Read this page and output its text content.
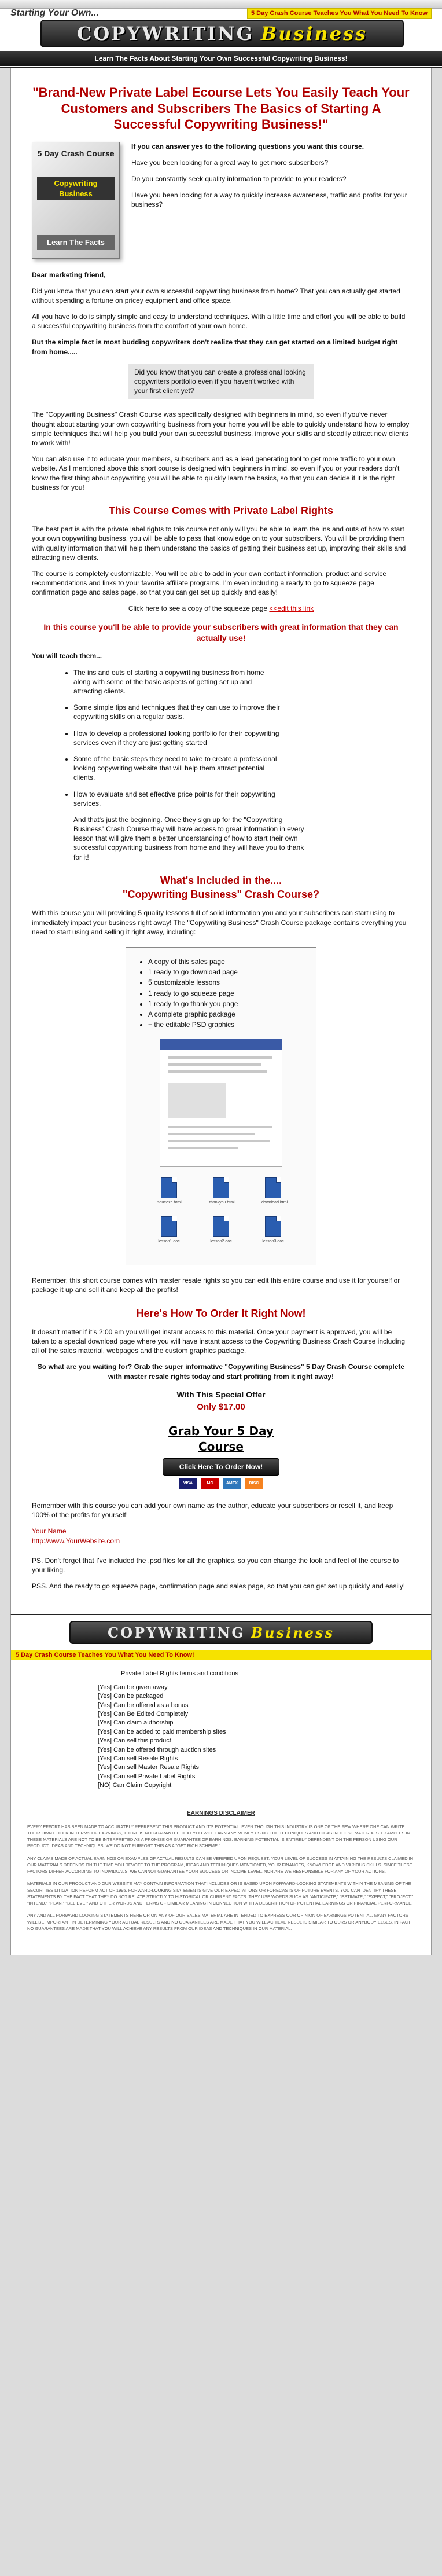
Starting Your Own...	5 Day Crash Course Teaches You What You Need To Know
COPYWRITING Business
Learn The Facts About Starting Your Own Successful Copywriting Business!
"Brand-New Private Label Ecourse Lets You Easily Teach Your Customers and Subscribers The Basics of Starting A Successful Copywriting Business!"
5 Day Crash Course
Copywriting Business
Learn The Facts

If you can answer yes to the following questions you want this course.

Have you been looking for a great way to get more subscribers?

Do you constantly seek quality information to provide to your readers?

Have you been looking for a way to quickly increase awareness, traffic and profits for your business?

Dear marketing friend,

Did you know that you can start your own successful copywriting business from home? That you can actually get started without spending a fortune on pricey equipment and office space.

All you have to do is simply simple and easy to understand techniques. With a little time and effort you will be able to build a successful copywriting business from the comfort of your own home.

But the simple fact is most budding copywriters don't realize that they can get started on a limited budget right from home.....

Did you know that you can create a professional looking copywriters portfolio even if you haven't worked with your first client yet?

The "Copywriting Business" Crash Course was specifically designed with beginners in mind, so even if you've never thought about starting your own copywriting business from your home you will be able to quickly understand how to employ simple techniques that will help you build your own successful business, improve your skills and steadily attract new clients to work with!

You can also use it to educate your members, subscribers and as a lead generating tool to get more traffic to your own website. As I mentioned above this short course is designed with beginners in mind, so even if you or your readers don't know the first thing about copywriting you will be able to quickly learn the basics, so that you can decide if it is the right business for you!

This Course Comes with Private Label Rights

The best part is with the private label rights to this course not only will you be able to learn the ins and outs of how to start your own copywriting business, you will be able to pass that knowledge on to your subscribers. You will be providing them with quality information that will help them understand the basics of getting their business set up, improving their skills and attracting new clients.

The course is completely customizable. You will be able to add in your own contact information, product and service recommendations and links to your favorite affiliate programs. I'm even including a ready to go to squeeze page confirmation page and sales page, so that you can get set up quickly and easily!

Click here to see a copy of the squeeze page <<edit this link

In this course you'll be able to provide your subscribers with great information that they can actually use!

You will teach them...

• The ins and outs of starting a copywriting business from home along with some of the basic aspects of getting set up and attracting clients.
• Some simple tips and techniques that they can use to improve their copywriting skills on a regular basis.
• How to develop a professional looking portfolio for their copywriting services even if they are just getting started
• Some of the basic steps they need to take to create a professional looking copywriting website that will help them attract potential clients.
• How to evaluate and set effective price points for their copywriting services.

And that's just the beginning. Once they sign up for the "Copywriting Business" Crash Course they will have access to great information in every lesson that will give them a better understanding of how to start their own successful copywriting business from home and they will have you to thank for it!

What's Included in the....
"Copywriting Business" Crash Course?

With this course you will providing 5 quality lessons full of solid information you and your subscribers can start using to immediately impact your business right away! The "Copywriting Business" Crash Course package contains everything you need to start using and selling it right away, including:

• A copy of this sales page
• 1 ready to go download page
• 5 customizable lessons
• 1 ready to go squeeze page
• 1 ready to go thank you page
• A complete graphic package
• + the editable PSD graphics
squeeze.html	thankyou.html	download.html
lesson1.doc	lesson2.doc	lesson3.doc

Remember, this short course comes with master resale rights so you can edit this entire course and use it for yourself or package it up and sell it and keep all the profits!

Here's How To Order It Right Now!

It doesn't matter if it's 2:00 am you will get instant access to this material. Once your payment is approved, you will be taken to a special download page where you will have instant access to the Copywriting Business Crash Course including all of the sales material, webpages and the custom graphics package.

So what are you waiting for? Grab the super informative "Copywriting Business" 5 Day Crash Course complete with master resale rights today and start profiting from it right away!

With This Special Offer
Only $17.00
Grab Your 5 Day Course
Click Here To Order Now!
VISA	MC	AMEX	DISC

Remember with this course you can add your own name as the author, educate your subscribers or resell it, and keep 100% of the profits for yourself!

Your Name

http://www.YourWebsite.com

PS. Don't forget that I've included the .psd files for all the graphics, so you can change the look and feel of the course to your liking.

PSS. And the ready to go squeeze page, confirmation page and sales page, so that you can get set up quickly and easily!

COPYWRITING Business
5 Day Crash Course Teaches You What You Need To Know!
Private Label Rights terms and conditions
[Yes] Can be given away
[Yes] Can be packaged
[Yes] Can be offered as a bonus
[Yes] Can Be Edited Completely
[Yes] Can claim authorship
[Yes] Can be added to paid membership sites
[Yes] Can sell this product
[Yes] Can be offered through auction sites
[Yes] Can sell Resale Rights
[Yes] Can sell Master Resale Rights
[Yes] Can sell Private Label Rights
[NO] Can Claim Copyright
EARNINGS DISCLAIMER

EVERY EFFORT HAS BEEN MADE TO ACCURATELY REPRESENT THIS PRODUCT AND IT'S POTENTIAL. EVEN THOUGH THIS INDUSTRY IS ONE OF THE FEW WHERE ONE CAN WRITE THEIR OWN CHECK IN TERMS OF EARNINGS, THERE IS NO GUARANTEE THAT YOU WILL EARN ANY MONEY USING THE TECHNIQUES AND IDEAS IN THESE MATERIALS. EXAMPLES IN THESE MATERIALS ARE NOT TO BE INTERPRETED AS A PROMISE OR GUARANTEE OF EARNINGS. EARNING POTENTIAL IS ENTIRELY DEPENDENT ON THE PERSON USING OUR PRODUCT, IDEAS AND TECHNIQUES. WE DO NOT PURPORT THIS AS A "GET RICH SCHEME."

ANY CLAIMS MADE OF ACTUAL EARNINGS OR EXAMPLES OF ACTUAL RESULTS CAN BE VERIFIED UPON REQUEST. YOUR LEVEL OF SUCCESS IN ATTAINING THE RESULTS CLAIMED IN OUR MATERIALS DEPENDS ON THE TIME YOU DEVOTE TO THE PROGRAM, IDEAS AND TECHNIQUES MENTIONED, YOUR FINANCES, KNOWLEDGE AND VARIOUS SKILLS. SINCE THESE FACTORS DIFFER ACCORDING TO INDIVIDUALS, WE CANNOT GUARANTEE YOUR SUCCESS OR INCOME LEVEL. NOR ARE WE RESPONSIBLE FOR ANY OF YOUR ACTIONS.

MATERIALS IN OUR PRODUCT AND OUR WEBSITE MAY CONTAIN INFORMATION THAT INCLUDES OR IS BASED UPON FORWARD-LOOKING STATEMENTS WITHIN THE MEANING OF THE SECURITIES LITIGATION REFORM ACT OF 1995. FORWARD-LOOKING STATEMENTS GIVE OUR EXPECTATIONS OR FORECASTS OF FUTURE EVENTS. YOU CAN IDENTIFY THESE STATEMENTS BY THE FACT THAT THEY DO NOT RELATE STRICTLY TO HISTORICAL OR CURRENT FACTS. THEY USE WORDS SUCH AS "ANTICIPATE," "ESTIMATE," "EXPECT," "PROJECT," "INTEND," "PLAN," "BELIEVE," AND OTHER WORDS AND TERMS OF SIMILAR MEANING IN CONNECTION WITH A DESCRIPTION OF POTENTIAL EARNINGS OR FINANCIAL PERFORMANCE.

ANY AND ALL FORWARD LOOKING STATEMENTS HERE OR ON ANY OF OUR SALES MATERIAL ARE INTENDED TO EXPRESS OUR OPINION OF EARNINGS POTENTIAL. MANY FACTORS WILL BE IMPORTANT IN DETERMINING YOUR ACTUAL RESULTS AND NO GUARANTEES ARE MADE THAT YOU WILL ACHIEVE RESULTS SIMILAR TO OURS OR ANYBODY ELSES, IN FACT NO GUARANTEES ARE MADE THAT YOU WILL ACHIEVE ANY RESULTS FROM OUR IDEAS AND TECHNIQUES IN OUR MATERIAL.
